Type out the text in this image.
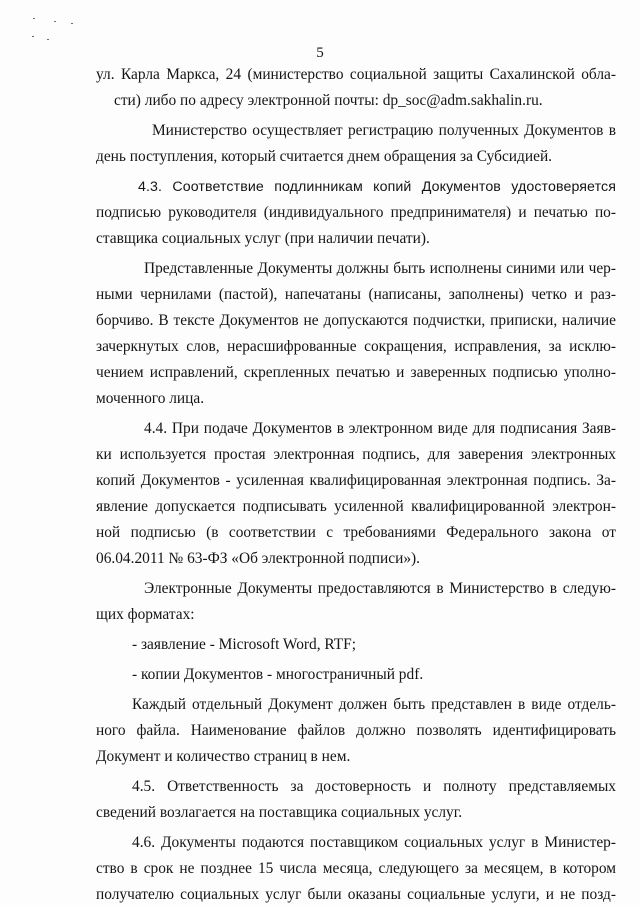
5
ул. Карла Маркса, 24 (министерство социальной защиты Сахалинской обла-
сти) либо по адресу электронной почты: dp_soc@adm.sakhalin.ru.
Министерство осуществляет регистрацию полученных Документов в
день поступления, который считается днем обращения за Субсидией.
4.3. Соответствие подлинникам копий Документов удостоверяется
подписью руководителя (индивидуального предпринимателя) и печатью по-
ставщика социальных услуг (при наличии печати).
Представленные Документы должны быть исполнены синими или чер-
ными чернилами (пастой), напечатаны (написаны, заполнены) четко и раз-
борчиво. В тексте Документов не допускаются подчистки, приписки, наличие
зачеркнутых слов, нерасшифрованные сокращения, исправления, за исклю-
чением исправлений, скрепленных печатью и заверенных подписью уполно-
моченного лица.
4.4. При подаче Документов в электронном виде для подписания Заяв-
ки используется простая электронная подпись, для заверения электронных
копий Документов - усиленная квалифицированная электронная подпись. За-
явление допускается подписывать усиленной квалифицированной электрон-
ной подписью (в соответствии с требованиями Федерального закона от
06.04.2011 № 63-ФЗ «Об электронной подписи»).
Электронные Документы предоставляются в Министерство в следую-
щих форматах:
- заявление - Microsoft Word, RTF;
- копии Документов - многостраничный pdf.
Каждый отдельный Документ должен быть представлен в виде отдель-
ного файла. Наименование файлов должно позволять идентифицировать
Документ и количество страниц в нем.
4.5. Ответственность за достоверность и полноту представляемых
сведений возлагается на поставщика социальных услуг.
4.6. Документы подаются поставщиком социальных услуг в Министер-
ство в срок не позднее 15 числа месяца, следующего за месяцем, в котором
получателю социальных услуг были оказаны социальные услуги, и не позд-
